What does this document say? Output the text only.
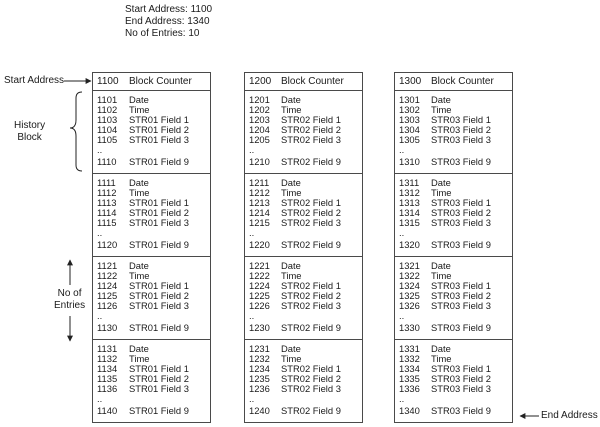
Start Address: 1100
End Address: 1340
No of Entries: 10
Start Address
History
Block
No of
Entries
End Address
1100 Block Counter
1101 Date
1102 Time
1103 STR01 Field 1
1104 STR01 Field 2
1105 STR01 Field 3
..
1110 STR01 Field 9
1111 Date
1112 Time
1113 STR01 Field 1
1114 STR01 Field 2
1115 STR01 Field 3
..
1120 STR01 Field 9
1121 Date
1122 Time
1124 STR01 Field 1
1125 STR01 Field 2
1126 STR01 Field 3
..
1130 STR01 Field 9
1131 Date
1132 Time
1134 STR01 Field 1
1135 STR01 Field 2
1136 STR01 Field 3
..
1140 STR01 Field 9
1200 Block Counter
1201 Date
1202 Time
1203 STR02 Field 1
1204 STR02 Field 2
1205 STR02 Field 3
..
1210 STR02 Field 9
1211 Date
1212 Time
1213 STR02 Field 1
1214 STR02 Field 2
1215 STR02 Field 3
..
1220 STR02 Field 9
1221 Date
1222 Time
1224 STR02 Field 1
1225 STR02 Field 2
1226 STR02 Field 3
..
1230 STR02 Field 9
1231 Date
1232 Time
1234 STR02 Field 1
1235 STR02 Field 2
1236 STR02 Field 3
..
1240 STR02 Field 9
1300 Block Counter
1301 Date
1302 Time
1303 STR03 Field 1
1304 STR03 Field 2
1305 STR03 Field 3
..
1310 STR03 Field 9
1311 Date
1312 Time
1313 STR03 Field 1
1314 STR03 Field 2
1315 STR03 Field 3
..
1320 STR03 Field 9
1321 Date
1322 Time
1324 STR03 Field 1
1325 STR03 Field 2
1326 STR03 Field 3
..
1330 STR03 Field 9
1331 Date
1332 Time
1334 STR03 Field 1
1335 STR03 Field 2
1336 STR03 Field 3
..
1340 STR03 Field 9
